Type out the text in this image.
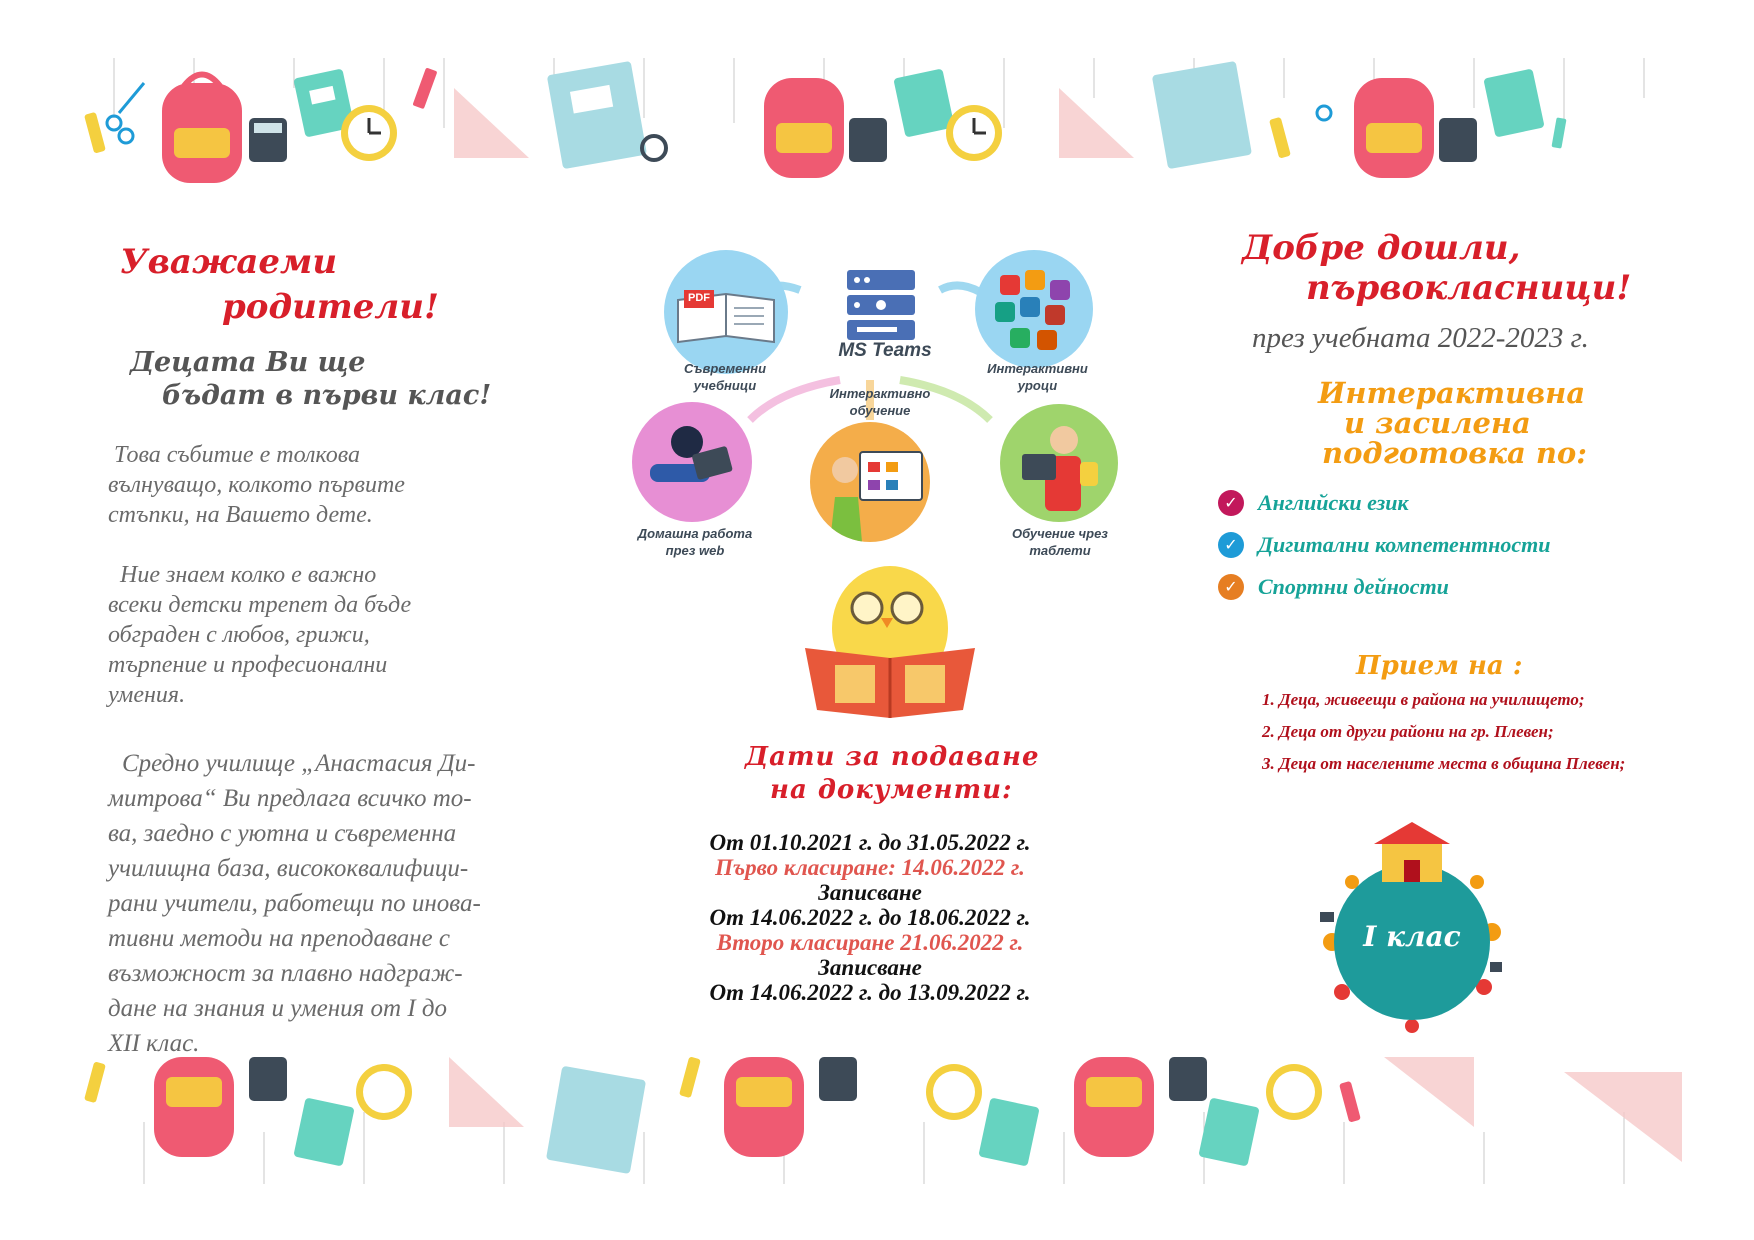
Уважаеми
родители!
Децата Ви ще
бъдат в първи клас!
Това събитие е толкова
вълнуващо, колкото първите
стъпки, на Вашето дете.
Ние знаем колко е важно
всеки детски трепет да бъде
обграден с любов, грижи,
търпение и професионални
умения.
Средно училище „Анастасия Ди-
митрова“ Ви предлага всичко то-
ва, заедно с уютна и съвременна
училищна база, висококвалифици-
рани учители, работещи по инова-
тивни методи на преподаване с
възможност за плавно надграж-
дане на знания и умения от I до
XII клас.
MS Teams
PDF
Съвременни
учебници
Интерактивни
уроци
Интерактивно
обучение
Домашна работа
през web
Обучение чрез
таблети
Дати за подаване
на документи:
От 01.10.2021 г. до 31.05.2022 г.
Първо класиране: 14.06.2022 г.
Записване
От 14.06.2022 г. до 18.06.2022 г.
Второ класиране 21.06.2022 г.
Записване
От 14.06.2022 г. до 13.09.2022 г.
Добре дошли,
първокласници!
през учебната 2022-2023 г.
Интерактивна
и засилена
подготовка по:
✓ Английски език
✓ Дигитални компетентности
✓ Спортни дейности
Прием на :
1. Деца, живеещи в района на училището;
2. Деца от други райони на гр. Плевен;
3. Деца от населените места в община Плевен;
I клас
